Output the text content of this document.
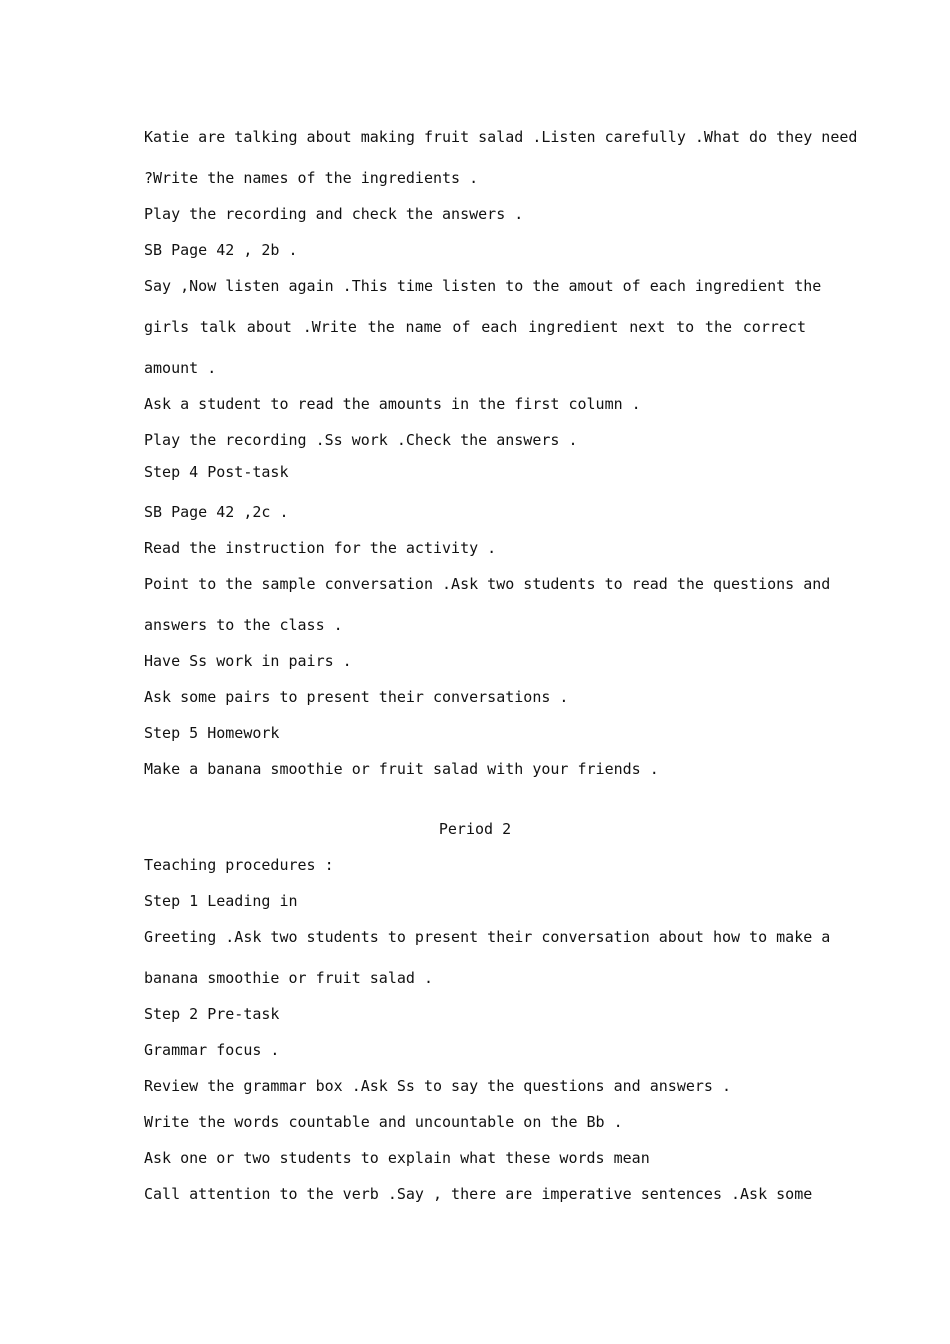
Katie are talking about making fruit salad .Listen carefully .What do they need
?Write the names of the ingredients .
Play the recording and check the answers .
SB Page 42 , 2b .
Say ,Now listen again .This time listen to the amout of each ingredient the
girls talk about .Write the name of each ingredient next to the correct
amount .
Ask a student to read the amounts in the first column .
Play the recording .Ss work .Check the answers .
Step 4 Post-task
SB Page 42 ,2c .
Read the instruction for the activity .
Point to the sample conversation .Ask two students to read the questions and
answers to the class .
Have Ss work in pairs .
Ask some pairs to present their conversations .
Step 5 Homework
Make a banana smoothie or fruit salad with your friends .
Period 2
Teaching procedures :
Step 1 Leading in
Greeting .Ask two students to present their conversation about how to make a
banana smoothie or fruit salad .
Step 2 Pre-task
Grammar focus .
Review the grammar box .Ask Ss to say the questions and answers .
Write the words countable and uncountable on the Bb .
Ask one or two students to explain what these words mean
Call attention to the verb .Say , there are imperative sentences .Ask some
